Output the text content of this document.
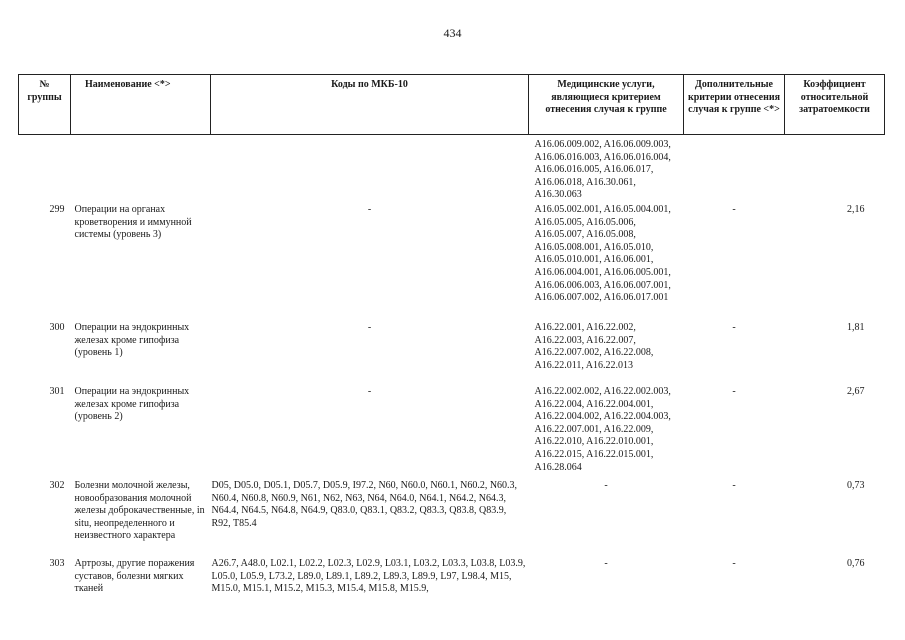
434
№ группы	Наименование <*>	Коды по МКБ-10	Медицинские услуги, являющиеся критерием отнесения случая к группе	Дополнительные критерии отнесения случая к группе <*>	Коэффициент относительной затратоемкости
			A16.06.009.002, A16.06.009.003, A16.06.016.003, A16.06.016.004, A16.06.016.005, A16.06.017, A16.06.018, A16.30.061, A16.30.063		
299	Операции на органах кроветворения и иммунной системы (уровень 3)	-	A16.05.002.001, A16.05.004.001, A16.05.005, A16.05.006, A16.05.007, A16.05.008, A16.05.008.001, A16.05.010, A16.05.010.001, A16.06.001, A16.06.004.001, A16.06.005.001, A16.06.006.003, A16.06.007.001, A16.06.007.002, A16.06.017.001	-	2,16
300	Операции на эндокринных железах кроме гипофиза (уровень 1)	-	A16.22.001, A16.22.002, A16.22.003, A16.22.007, A16.22.007.002, A16.22.008, A16.22.011, A16.22.013	-	1,81
301	Операции на эндокринных железах кроме гипофиза (уровень 2)	-	A16.22.002.002, A16.22.002.003, A16.22.004, A16.22.004.001, A16.22.004.002, A16.22.004.003, A16.22.007.001, A16.22.009, A16.22.010, A16.22.010.001, A16.22.015, A16.22.015.001, A16.28.064	-	2,67
302	Болезни молочной железы, новообразования молочной железы доброкачественные, in situ, неопределенного и неизвестного характера	D05, D05.0, D05.1, D05.7, D05.9, I97.2, N60, N60.0, N60.1, N60.2, N60.3, N60.4, N60.8, N60.9, N61, N62, N63, N64, N64.0, N64.1, N64.2, N64.3, N64.4, N64.5, N64.8, N64.9, Q83.0, Q83.1, Q83.2, Q83.3, Q83.8, Q83.9, R92, T85.4	-	-	0,73
303	Артрозы, другие поражения суставов, болезни мягких тканей	A26.7, A48.0, L02.1, L02.2, L02.3, L02.9, L03.1, L03.2, L03.3, L03.8, L03.9, L05.0, L05.9, L73.2, L89.0, L89.1, L89.2, L89.3, L89.9, L97, L98.4, M15, M15.0, M15.1, M15.2, M15.3, M15.4, M15.8, M15.9,	-	-	0,76
